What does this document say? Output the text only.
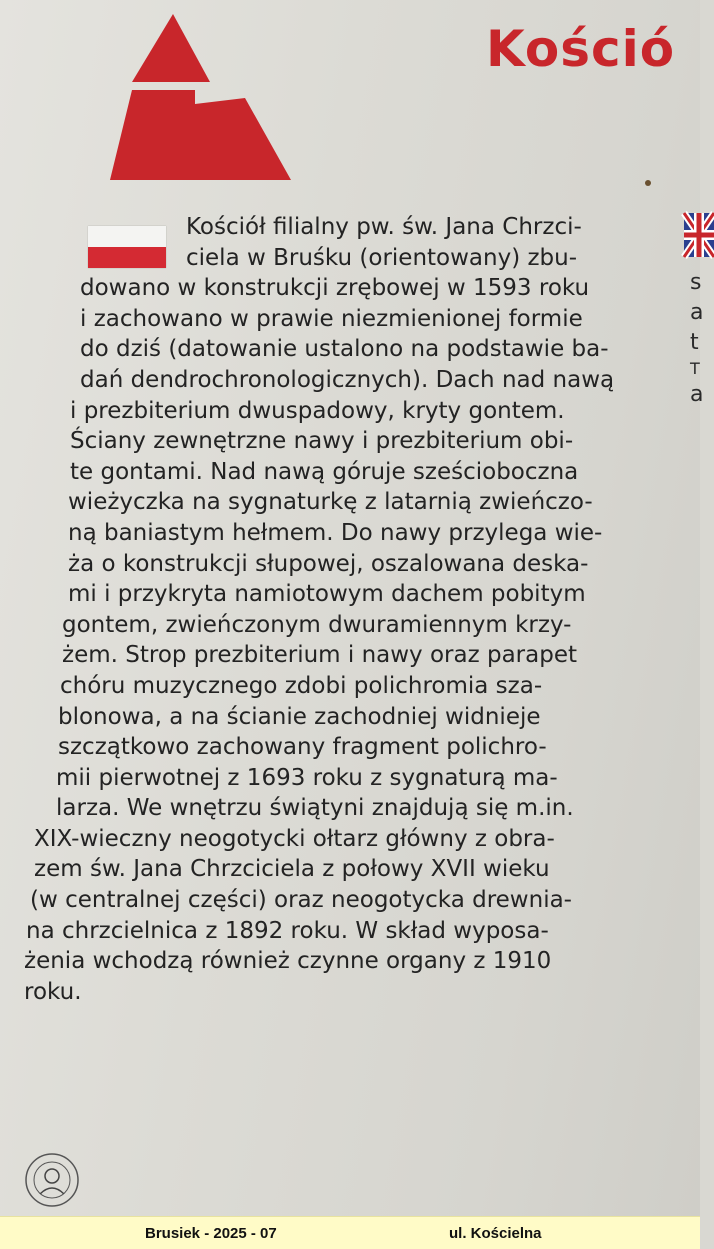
Kośció
s
a
t
T
a
Kościół filialny pw. św. Jana Chrzci-
ciela w Bruśku (orientowany) zbu-
dowano w konstrukcji zrębowej w 1593 roku
i zachowano w prawie niezmienionej formie
do dziś (datowanie ustalono na podstawie ba-
dań dendrochronologicznych). Dach nad nawą
i prezbiterium dwuspadowy, kryty gontem.
Ściany zewnętrzne nawy i prezbiterium obi-
te gontami. Nad nawą góruje sześcioboczna
wieżyczka na sygnaturkę z latarnią zwieńczo-
ną baniastym hełmem. Do nawy przylega wie-
ża o konstrukcji słupowej, oszalowana deska-
mi i przykryta namiotowym dachem pobitym
gontem, zwieńczonym dwuramiennym krzy-
żem. Strop prezbiterium i nawy oraz parapet
chóru muzycznego zdobi polichromia sza-
blonowa, a na ścianie zachodniej widnieje
szczątkowo zachowany fragment polichro-
mii pierwotnej z 1693 roku z sygnaturą ma-
larza. We wnętrzu świątyni znajdują się m.in.
XIX-wieczny neogotycki ołtarz główny z obra-
zem św. Jana Chrzciciela z połowy XVII wieku
(w centralnej części) oraz neogotycka drewnia-
na chrzcielnica z 1892 roku. W skład wyposa-
żenia wchodzą również czynne organy z 1910
roku.
Brusiek - 2025 - 07	ul. Kościelna
